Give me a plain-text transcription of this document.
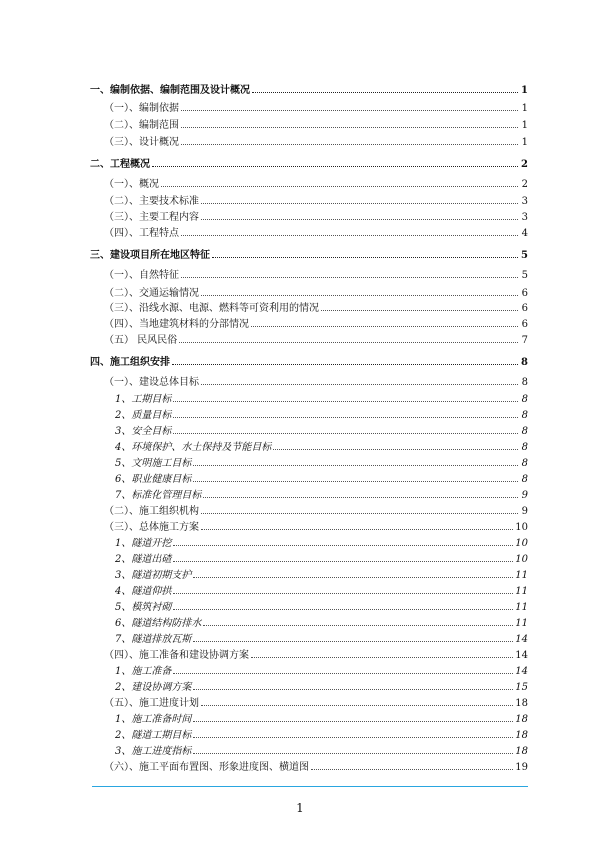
一、编制依据、编制范围及设计概况	1
（一）、编制依据	1
（二）、编制范围	1
（三）、设计概况	1
二、工程概况	2
（一）、概况	2
（二）、主要技术标准	3
（三）、主要工程内容	3
（四）、工程特点	4
三、建设项目所在地区特征	5
（一）、自然特征	5
（二）、交通运输情况	6
（三）、沿线水源、电源、燃料等可资利用的情况	6
（四）、当地建筑材料的分部情况	6
（五） 民风民俗	7
四、施工组织安排	8
（一）、建设总体目标	8
1、工期目标	8
2、质量目标	8
3、安全目标	8
4、环境保护、水土保持及节能目标	8
5、文明施工目标	8
6、职业健康目标	8
7、标准化管理目标	9
（二）、施工组织机构	9
（三）、总体施工方案	10
1、隧道开挖	10
2、隧道出碴	10
3、隧道初期支护	11
4、隧道仰拱	11
5、模筑衬砌	11
6、隧道结构防排水	11
7、隧道排放瓦斯	14
（四）、施工准备和建设协调方案	14
1、施工准备	14
2、建设协调方案	15
（五）、施工进度计划	18
1、施工准备时间	18
2、隧道工期目标	18
3、施工进度指标	18
（六）、施工平面布置图、形象进度图、横道图	19
1
